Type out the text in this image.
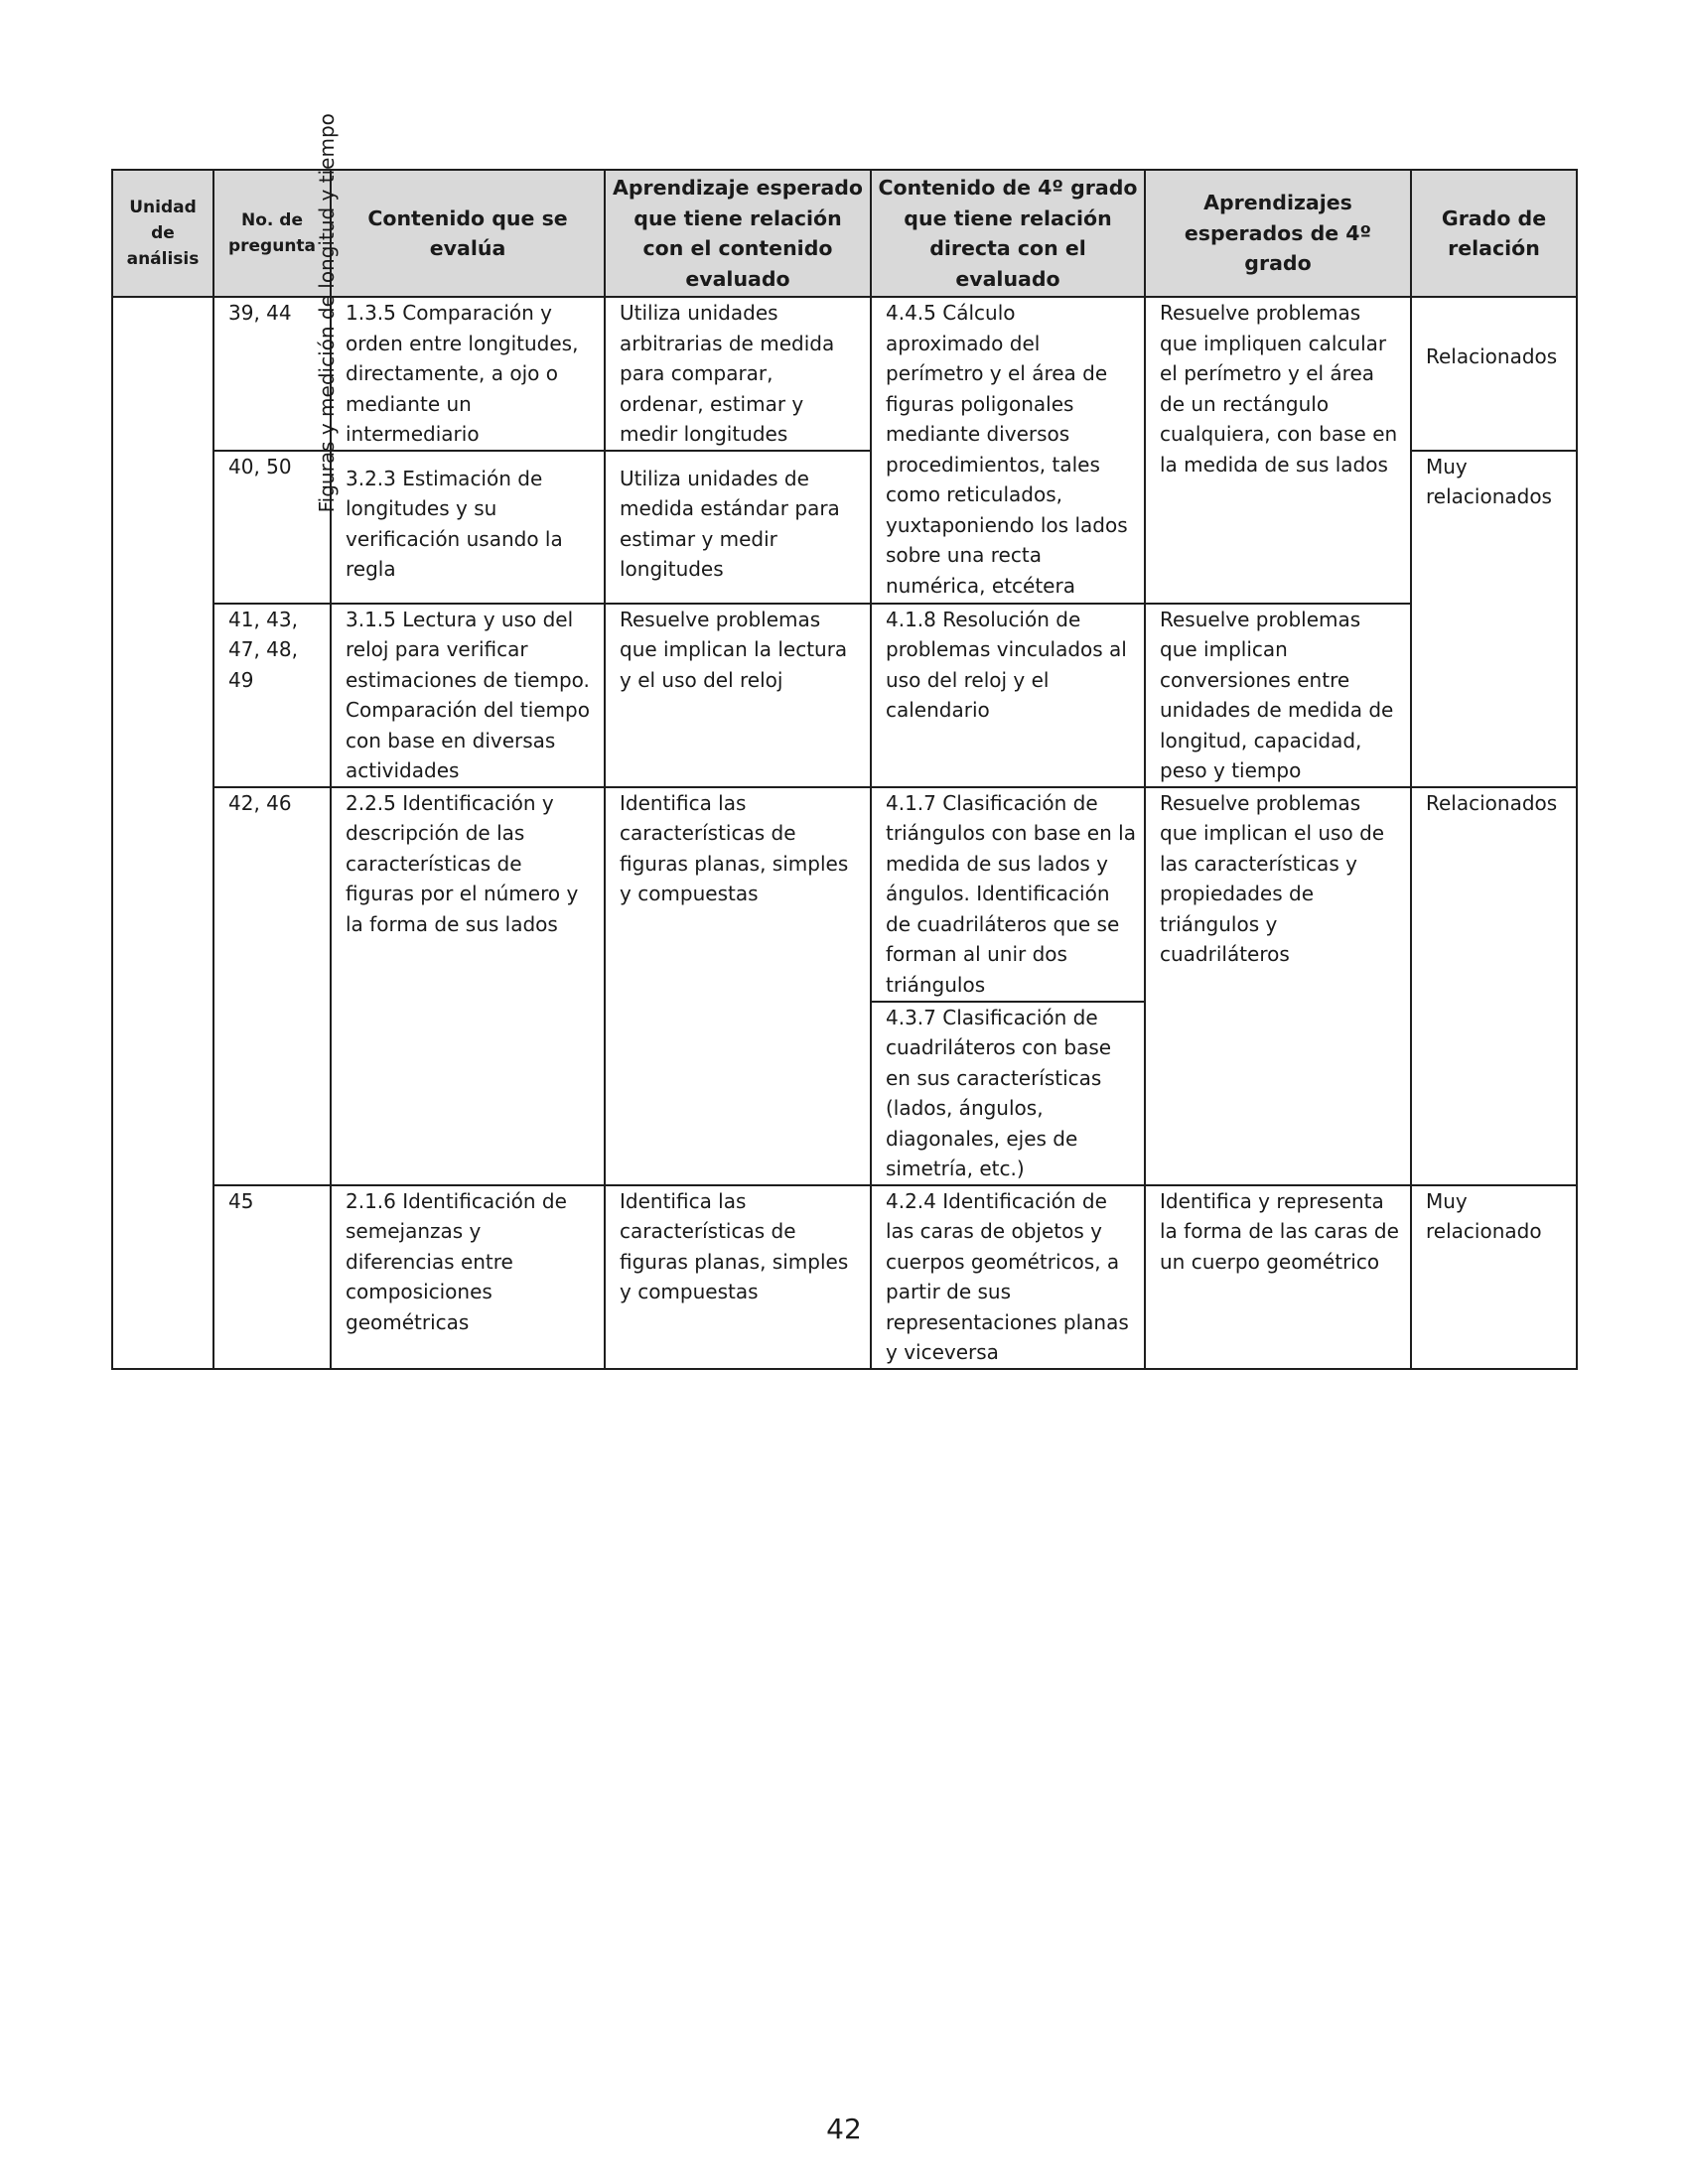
Unidad de análisis	No. de pregunta	Contenido que se evalúa	Aprendizaje esperado que tiene relación con el contenido evaluado	Contenido de 4º grado que tiene relación directa con el evaluado	Aprendizajes esperados de 4º grado	Grado de relación
Figuras y medición de longitud y tiempo	39, 44	1.3.5 Comparación y orden entre longitudes, directamente, a ojo o mediante un intermediario	Utiliza unidades arbitrarias de medida para comparar, ordenar, estimar y medir longitudes	4.4.5 Cálculo aproximado del perímetro y el área de figuras poligonales mediante diversos procedimientos, tales como reticulados, yuxtaponiendo los lados sobre una recta numérica, etcétera	Resuelve problemas que impliquen calcular el perímetro y el área de un rectángulo cualquiera, con base en la medida de sus lados	Relacionados
	40, 50	3.2.3 Estimación de longitudes y su verificación usando la regla	Utiliza unidades de medida estándar para estimar y medir longitudes			Muy relacionados
	41, 43, 47, 48, 49	3.1.5 Lectura y uso del reloj para verificar estimaciones de tiempo. Comparación del tiempo con base en diversas actividades	Resuelve problemas que implican la lectura y el uso del reloj	4.1.8 Resolución de problemas vinculados al uso del reloj y el calendario	Resuelve problemas que implican conversiones entre unidades de medida de longitud, capacidad, peso y tiempo	
	42, 46	2.2.5 Identificación y descripción de las características de figuras por el número y la forma de sus lados	Identifica las características de figuras planas, simples y compuestas	4.1.7 Clasificación de triángulos con base en la medida de sus lados y ángulos. Identificación de cuadriláteros que se forman al unir dos triángulos	Resuelve problemas que implican el uso de las características y propiedades de triángulos y cuadriláteros	Relacionados
				4.3.7 Clasificación de cuadriláteros con base en sus características (lados, ángulos, diagonales, ejes de simetría, etc.)		
	45	2.1.6 Identificación de semejanzas y diferencias entre composiciones geométricas	Identifica las características de figuras planas, simples y compuestas	4.2.4 Identificación de las caras de objetos y cuerpos geométricos, a partir de sus representaciones planas y viceversa	Identifica y representa la forma de las caras de un cuerpo geométrico	Muy relacionado
42
